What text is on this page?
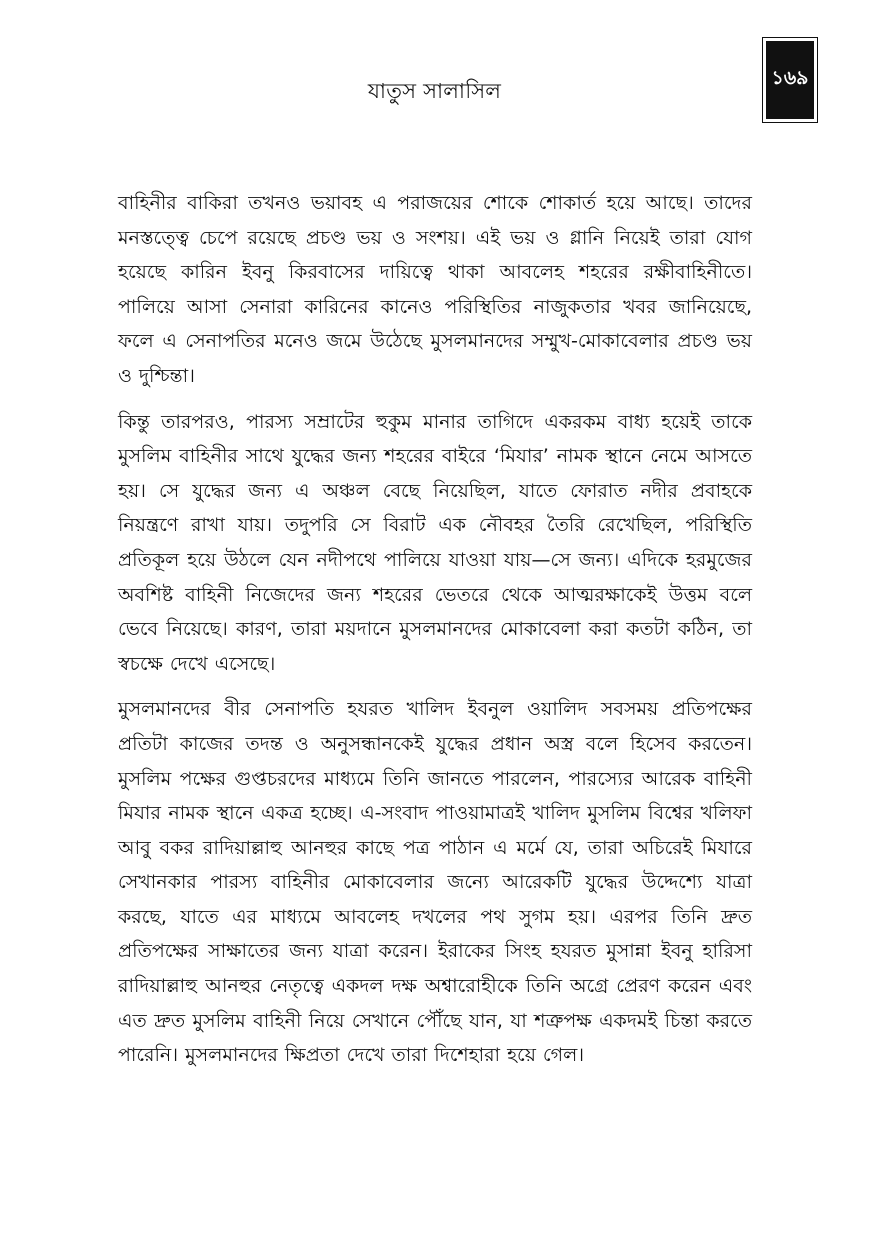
যাতুস সালাসিল
১৬৯

বাহিনীর বাকিরা তখনও ভয়াবহ এ পরাজয়ের শোকে শোকার্ত হয়ে আছে। তাদের মনস্তত্ত্বে চেপে রয়েছে প্রচণ্ড ভয় ও সংশয়। এই ভয় ও গ্লানি নিয়েই তারা যোগ হয়েছে কারিন ইবনু কিরবাসের দায়িত্বে থাকা আবলেহ শহরের রক্ষীবাহিনীতে। পালিয়ে আসা সেনারা কারিনের কানেও পরিস্থিতির নাজুকতার খবর জানিয়েছে, ফলে এ সেনাপতির মনেও জমে উঠেছে মুসলমানদের সম্মুখ-মোকাবেলার প্রচণ্ড ভয় ও দুশ্চিন্তা।

কিন্তু তারপরও, পারস্য সম্রাটের হুকুম মানার তাগিদে একরকম বাধ্য হয়েই তাকে মুসলিম বাহিনীর সাথে যুদ্ধের জন্য শহরের বাইরে ‘মিযার’ নামক স্থানে নেমে আসতে হয়। সে যুদ্ধের জন্য এ অঞ্চল বেছে নিয়েছিল, যাতে ফোরাত নদীর প্রবাহকে নিয়ন্ত্রণে রাখা যায়। তদুপরি সে বিরাট এক নৌবহর তৈরি রেখেছিল, পরিস্থিতি প্রতিকূল হয়ে উঠলে যেন নদীপথে পালিয়ে যাওয়া যায়—সে জন্য। এদিকে হরমুজের অবশিষ্ট বাহিনী নিজেদের জন্য শহরের ভেতরে থেকে আত্মরক্ষাকেই উত্তম বলে ভেবে নিয়েছে। কারণ, তারা ময়দানে মুসলমানদের মোকাবেলা করা কতটা কঠিন, তা স্বচক্ষে দেখে এসেছে।

মুসলমানদের বীর সেনাপতি হযরত খালিদ ইবনুল ওয়ালিদ সবসময় প্রতিপক্ষের প্রতিটা কাজের তদন্ত ও অনুসন্ধানকেই যুদ্ধের প্রধান অস্ত্র বলে হিসেব করতেন। মুসলিম পক্ষের গুপ্তচরদের মাধ্যমে তিনি জানতে পারলেন, পারস্যের আরেক বাহিনী মিযার নামক স্থানে একত্র হচ্ছে। এ-সংবাদ পাওয়ামাত্রই খালিদ মুসলিম বিশ্বের খলিফা আবু বকর রাদিয়াল্লাহু আনহুর কাছে পত্র পাঠান এ মর্মে যে, তারা অচিরেই মিযারে সেখানকার পারস্য বাহিনীর মোকাবেলার জন্যে আরেকটি যুদ্ধের উদ্দেশ্যে যাত্রা করছে, যাতে এর মাধ্যমে আবলেহ দখলের পথ সুগম হয়। এরপর তিনি দ্রুত প্রতিপক্ষের সাক্ষাতের জন্য যাত্রা করেন। ইরাকের সিংহ হযরত মুসান্না ইবনু হারিসা রাদিয়াল্লাহু আনহুর নেতৃত্বে একদল দক্ষ অশ্বারোহীকে তিনি অগ্রে প্রেরণ করেন এবং এত দ্রুত মুসলিম বাহিনী নিয়ে সেখানে পৌঁছে যান, যা শত্রুপক্ষ একদমই চিন্তা করতে পারেনি। মুসলমানদের ক্ষিপ্রতা দেখে তারা দিশেহারা হয়ে গেল।
